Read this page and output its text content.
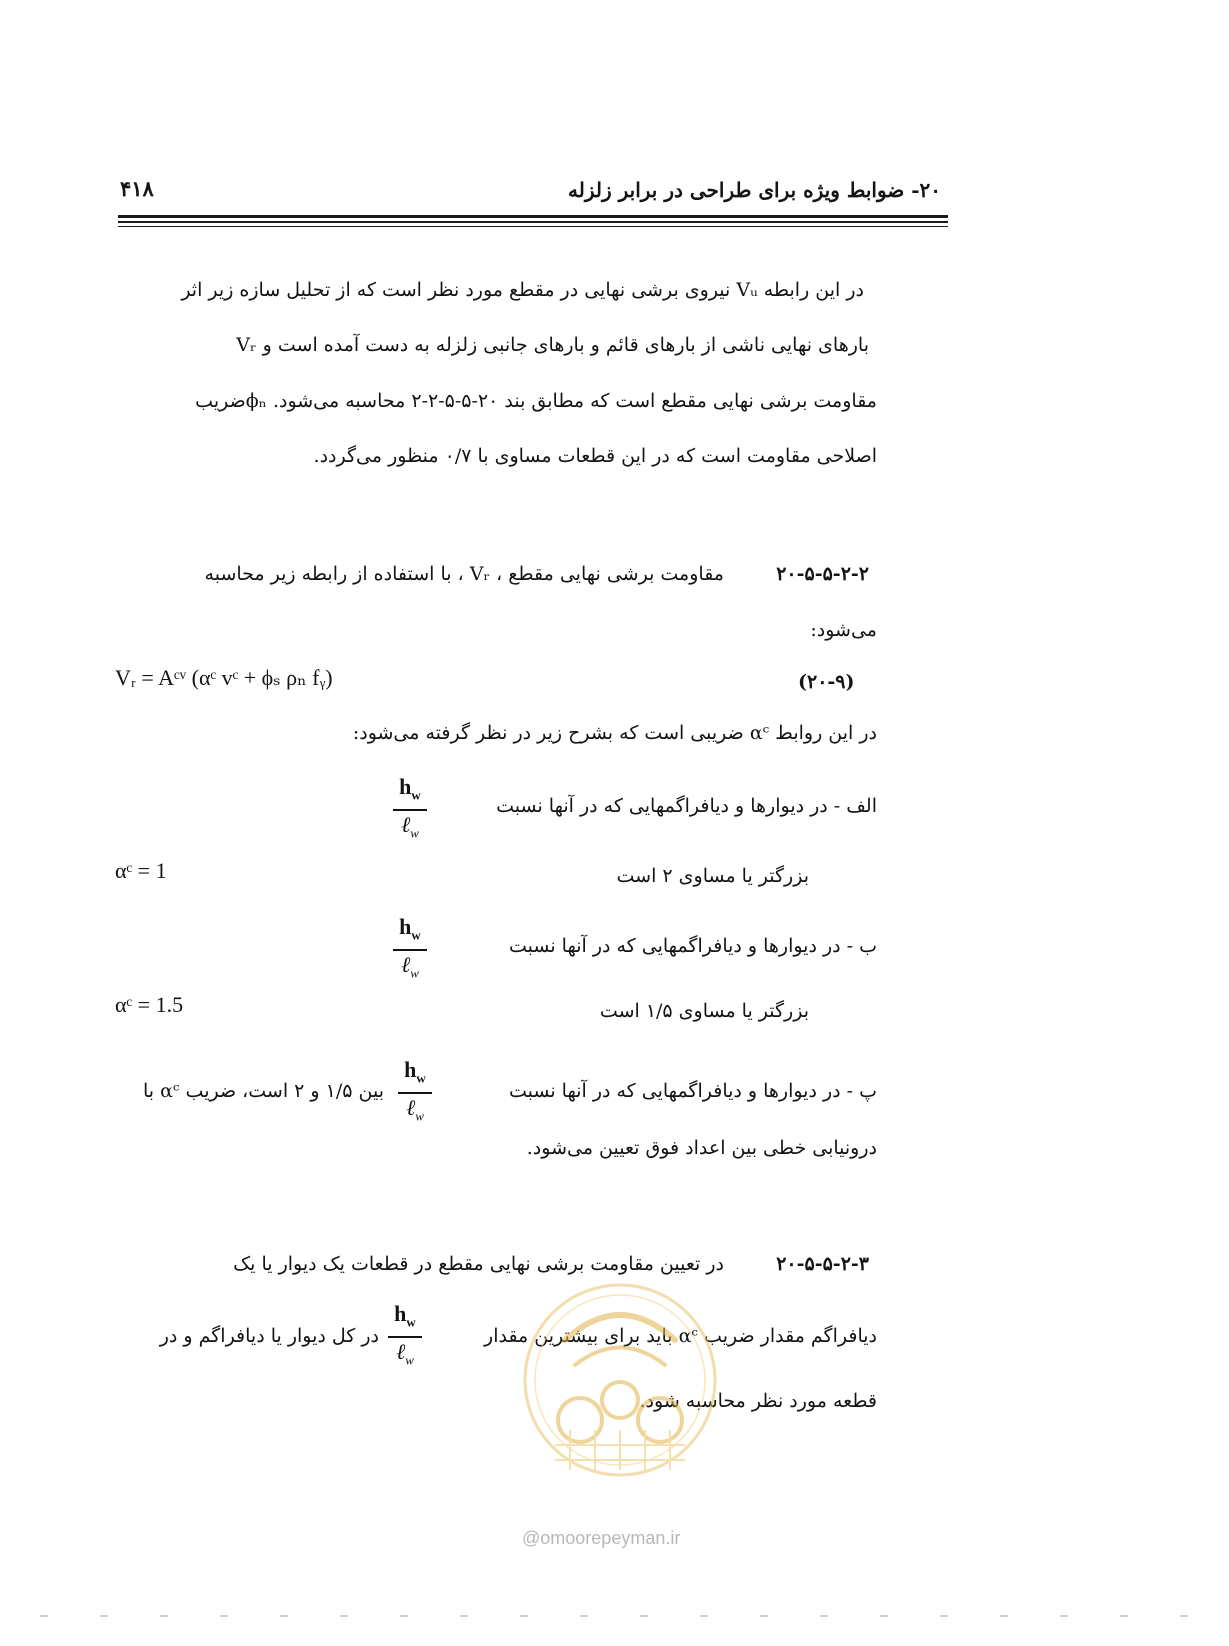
۲۰- ضوابط ویژه برای طراحی در برابر زلزله
۴۱۸
در این رابطه Vᵤ نیروی برشی نهایی در مقطع مورد نظر است که از تحلیل سازه زیر اثر
بارهای نهایی ناشی از بارهای قائم و بارهای جانبی زلزله به دست آمده است و Vᵣ
مقاومت برشی نهایی مقطع است که مطابق بند ۲۰-۵-۵-۲-۲ محاسبه می‌شود. ϕₙضریب
اصلاحی مقاومت است که در این قطعات مساوی با ۰/۷ منظور می‌گردد.
۲۰-۵-۵-۲-۲
مقاومت برشی نهایی مقطع ، Vᵣ ، با استفاده از رابطه زیر محاسبه
می‌شود:
Vᵣ = Aᶜᵛ (αᶜ vᶜ + ϕₛ ρₙ fᵧ)	(۲۰-۹)
در این روابط αᶜ ضریبی است که بشرح زیر در نظر گرفته می‌شود:
الف - در دیوارها و دیافراگمهایی که در آنها نسبت
$h_w$
ℓ$_w$
αᶜ = 1	بزرگتر یا مساوی ۲ است
ب - در دیوارها و دیافراگمهایی که در آنها نسبت
$h_w$
ℓ$_w$
αᶜ = 1.5	بزرگتر یا مساوی ۱/۵ است
پ - در دیوارها و دیافراگمهایی که در آنها نسبت
$h_w$
ℓ$_w$
بین ۱/۵ و ۲ است، ضریب αᶜ با
درونیابی خطی بین اعداد فوق تعیین می‌شود.
۲۰-۵-۵-۲-۳
در تعیین مقاومت برشی نهایی مقطع در قطعات یک دیوار یا یک
دیافراگم مقدار ضریب αᶜ باید برای بیشترین مقدار
$h_w$
ℓ$_w$
در کل دیوار یا دیافراگم و در
قطعه مورد نظر محاسبه شود.
@omoorepeyman.ir
